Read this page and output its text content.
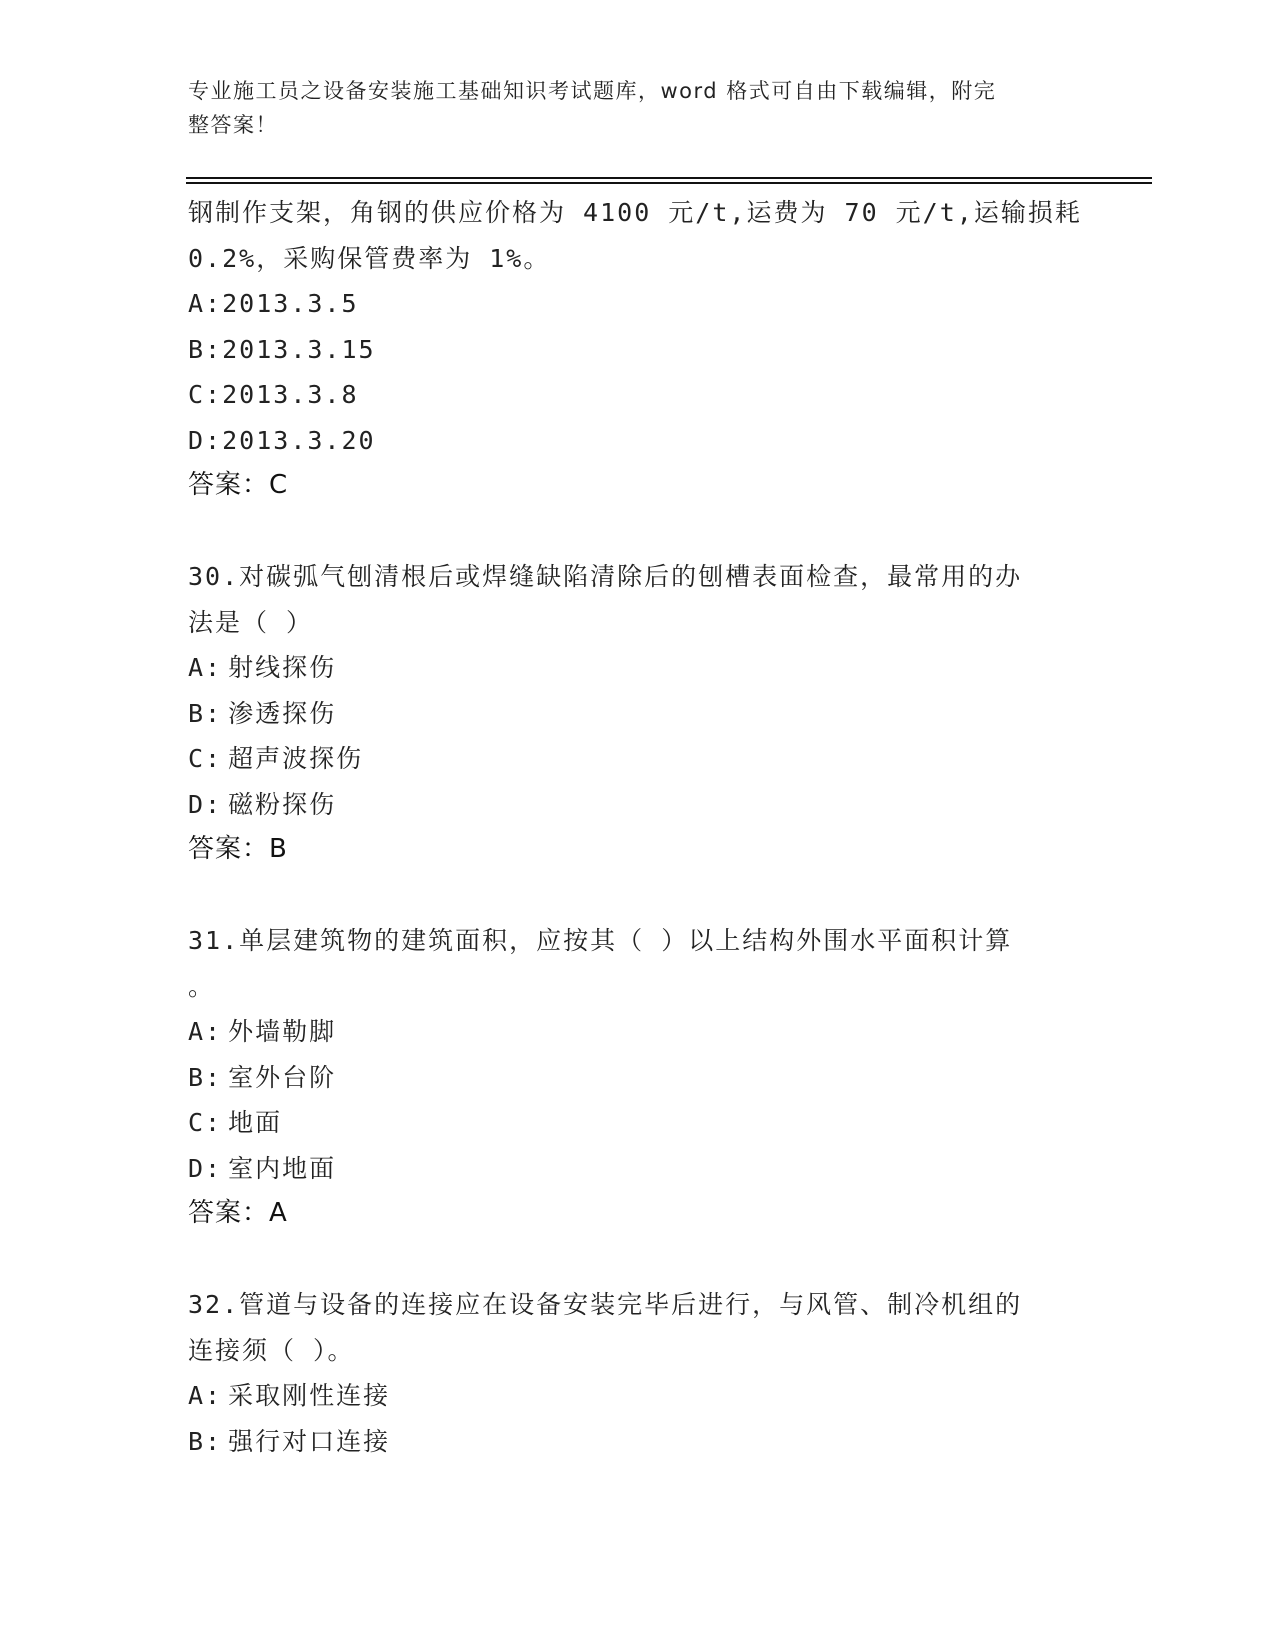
专业施工员之设备安装施工基础知识考试题库，word 格式可自由下载编辑，附完
整答案！
钢制作支架，角钢的供应价格为 4100 元/t,运费为 70 元/t,运输损耗
0.2%，采购保管费率为 1%。
A:2013.3.5
B:2013.3.15
C:2013.3.8
D:2013.3.20
答案：C
30.对碳弧气刨清根后或焊缝缺陷清除后的刨槽表面检查，最常用的办
法是（ ）
A: 射线探伤
B: 渗透探伤
C: 超声波探伤
D: 磁粉探伤
答案：B
31.单层建筑物的建筑面积，应按其（ ）以上结构外围水平面积计算
。
A: 外墙勒脚
B: 室外台阶
C: 地面
D: 室内地面
答案：A
32.管道与设备的连接应在设备安装完毕后进行，与风管、制冷机组的
连接须（ ）。
A: 采取刚性连接
B: 强行对口连接
